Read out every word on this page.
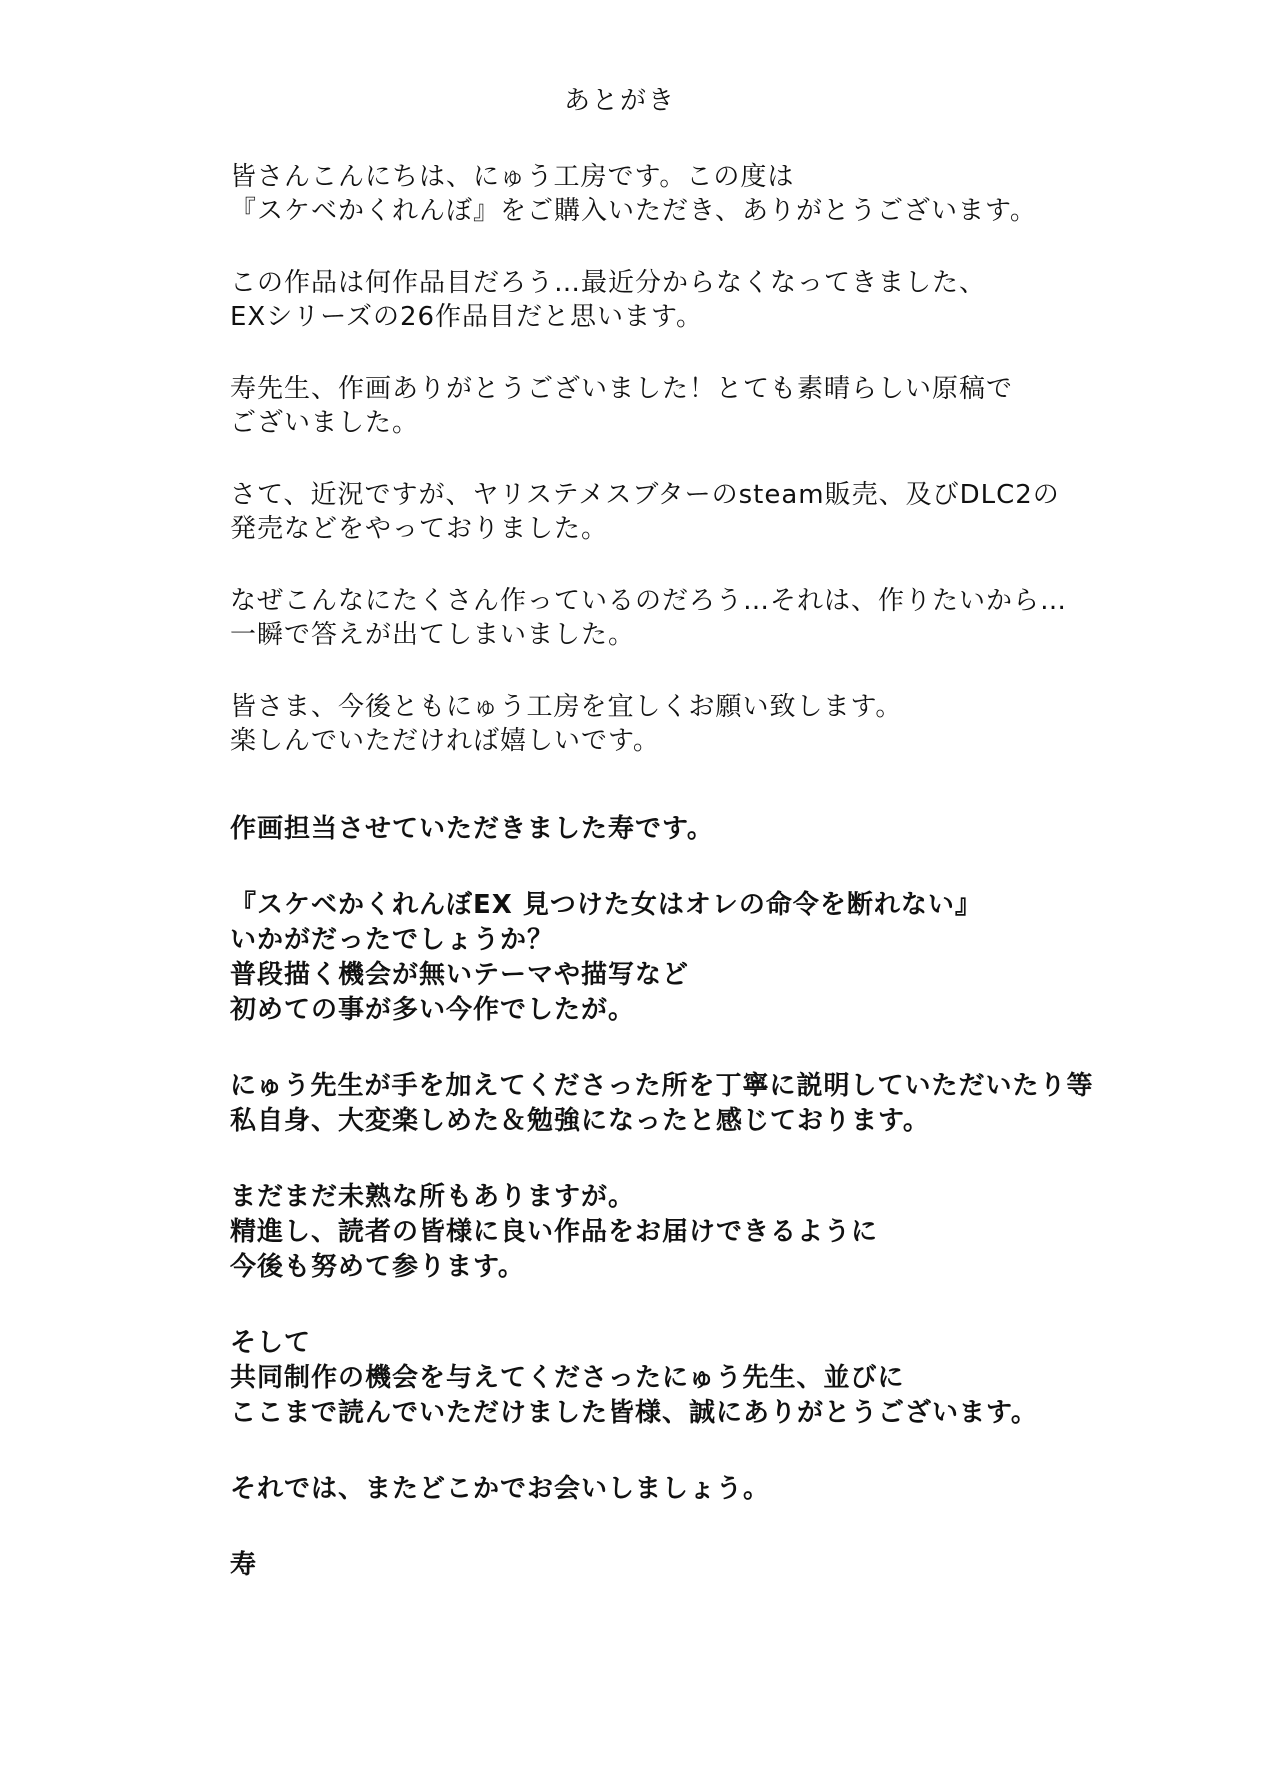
あとがき
皆さんこんにちは、にゅう工房です。この度は
『スケベかくれんぼ』をご購入いただき、ありがとうございます。
この作品は何作品目だろう…最近分からなくなってきました、
EXシリーズの26作品目だと思います。
寿先生、作画ありがとうございました！とても素晴らしい原稿で
ございました。
さて、近況ですが、ヤリステメスブターのsteam販売、及びDLC2の
発売などをやっておりました。
なぜこんなにたくさん作っているのだろう…それは、作りたいから…
一瞬で答えが出てしまいました。
皆さま、今後ともにゅう工房を宜しくお願い致します。
楽しんでいただければ嬉しいです。
作画担当させていただきました寿です。
『スケベかくれんぼEX 見つけた女はオレの命令を断れない』
いかがだったでしょうか？
普段描く機会が無いテーマや描写など
初めての事が多い今作でしたが。
にゅう先生が手を加えてくださった所を丁寧に説明していただいたり等
私自身、大変楽しめた＆勉強になったと感じております。
まだまだ未熟な所もありますが。
精進し、読者の皆様に良い作品をお届けできるように
今後も努めて参ります。
そして
共同制作の機会を与えてくださったにゅう先生、並びに
ここまで読んでいただけました皆様、誠にありがとうございます。
それでは、またどこかでお会いしましょう。
寿
